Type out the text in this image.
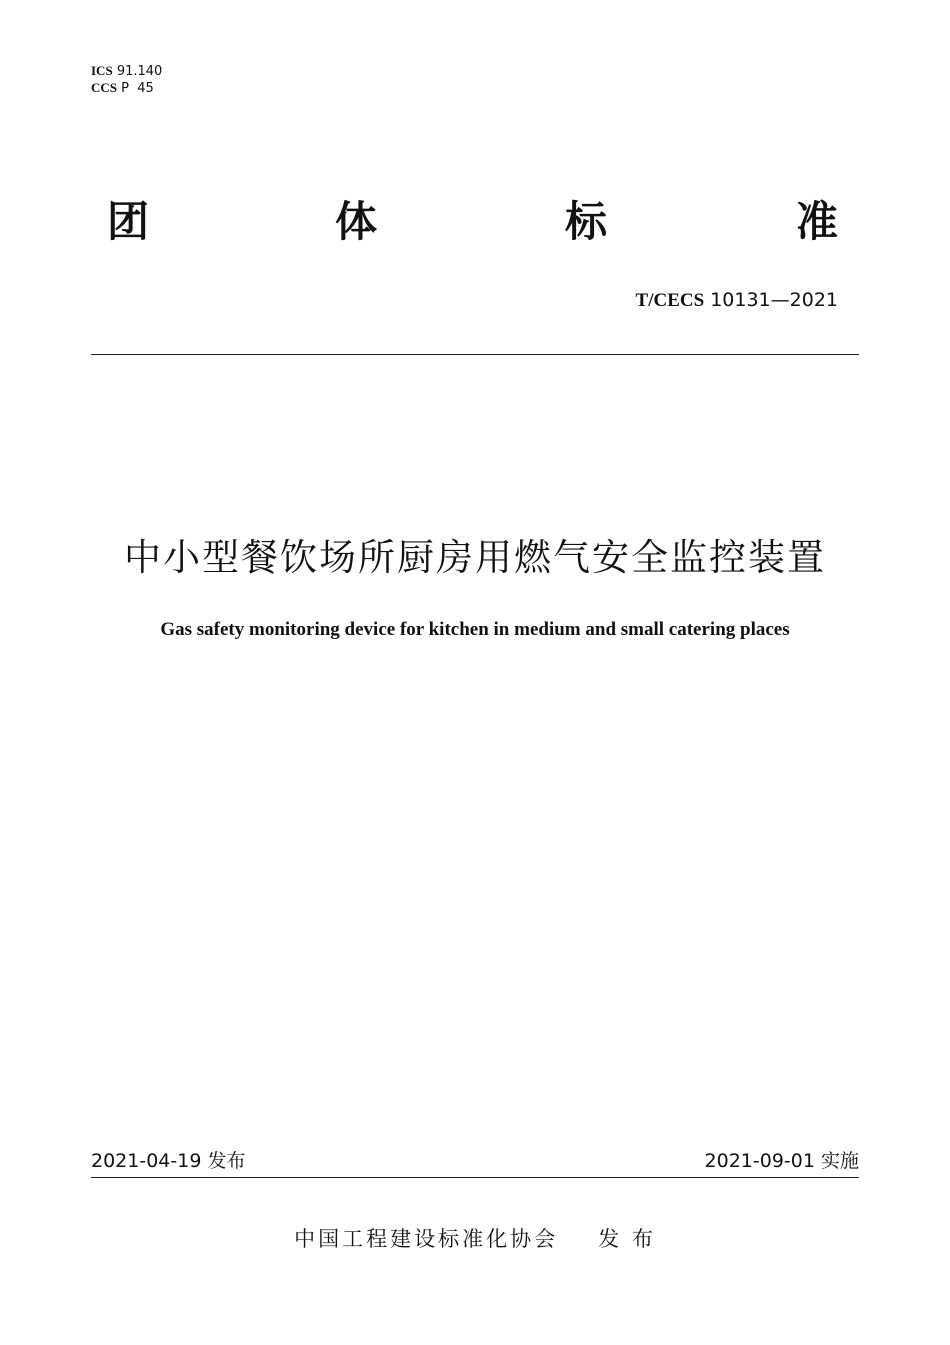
ICS 91.140
CCS P  45
团	体	标	准
T/CECS 10131—2021
中小型餐饮场所厨房用燃气安全监控装置
Gas safety monitoring device for kitchen in medium and small catering places
2021-04-19 发布	2021-09-01 实施
中国工程建设标准化协会 发 布
